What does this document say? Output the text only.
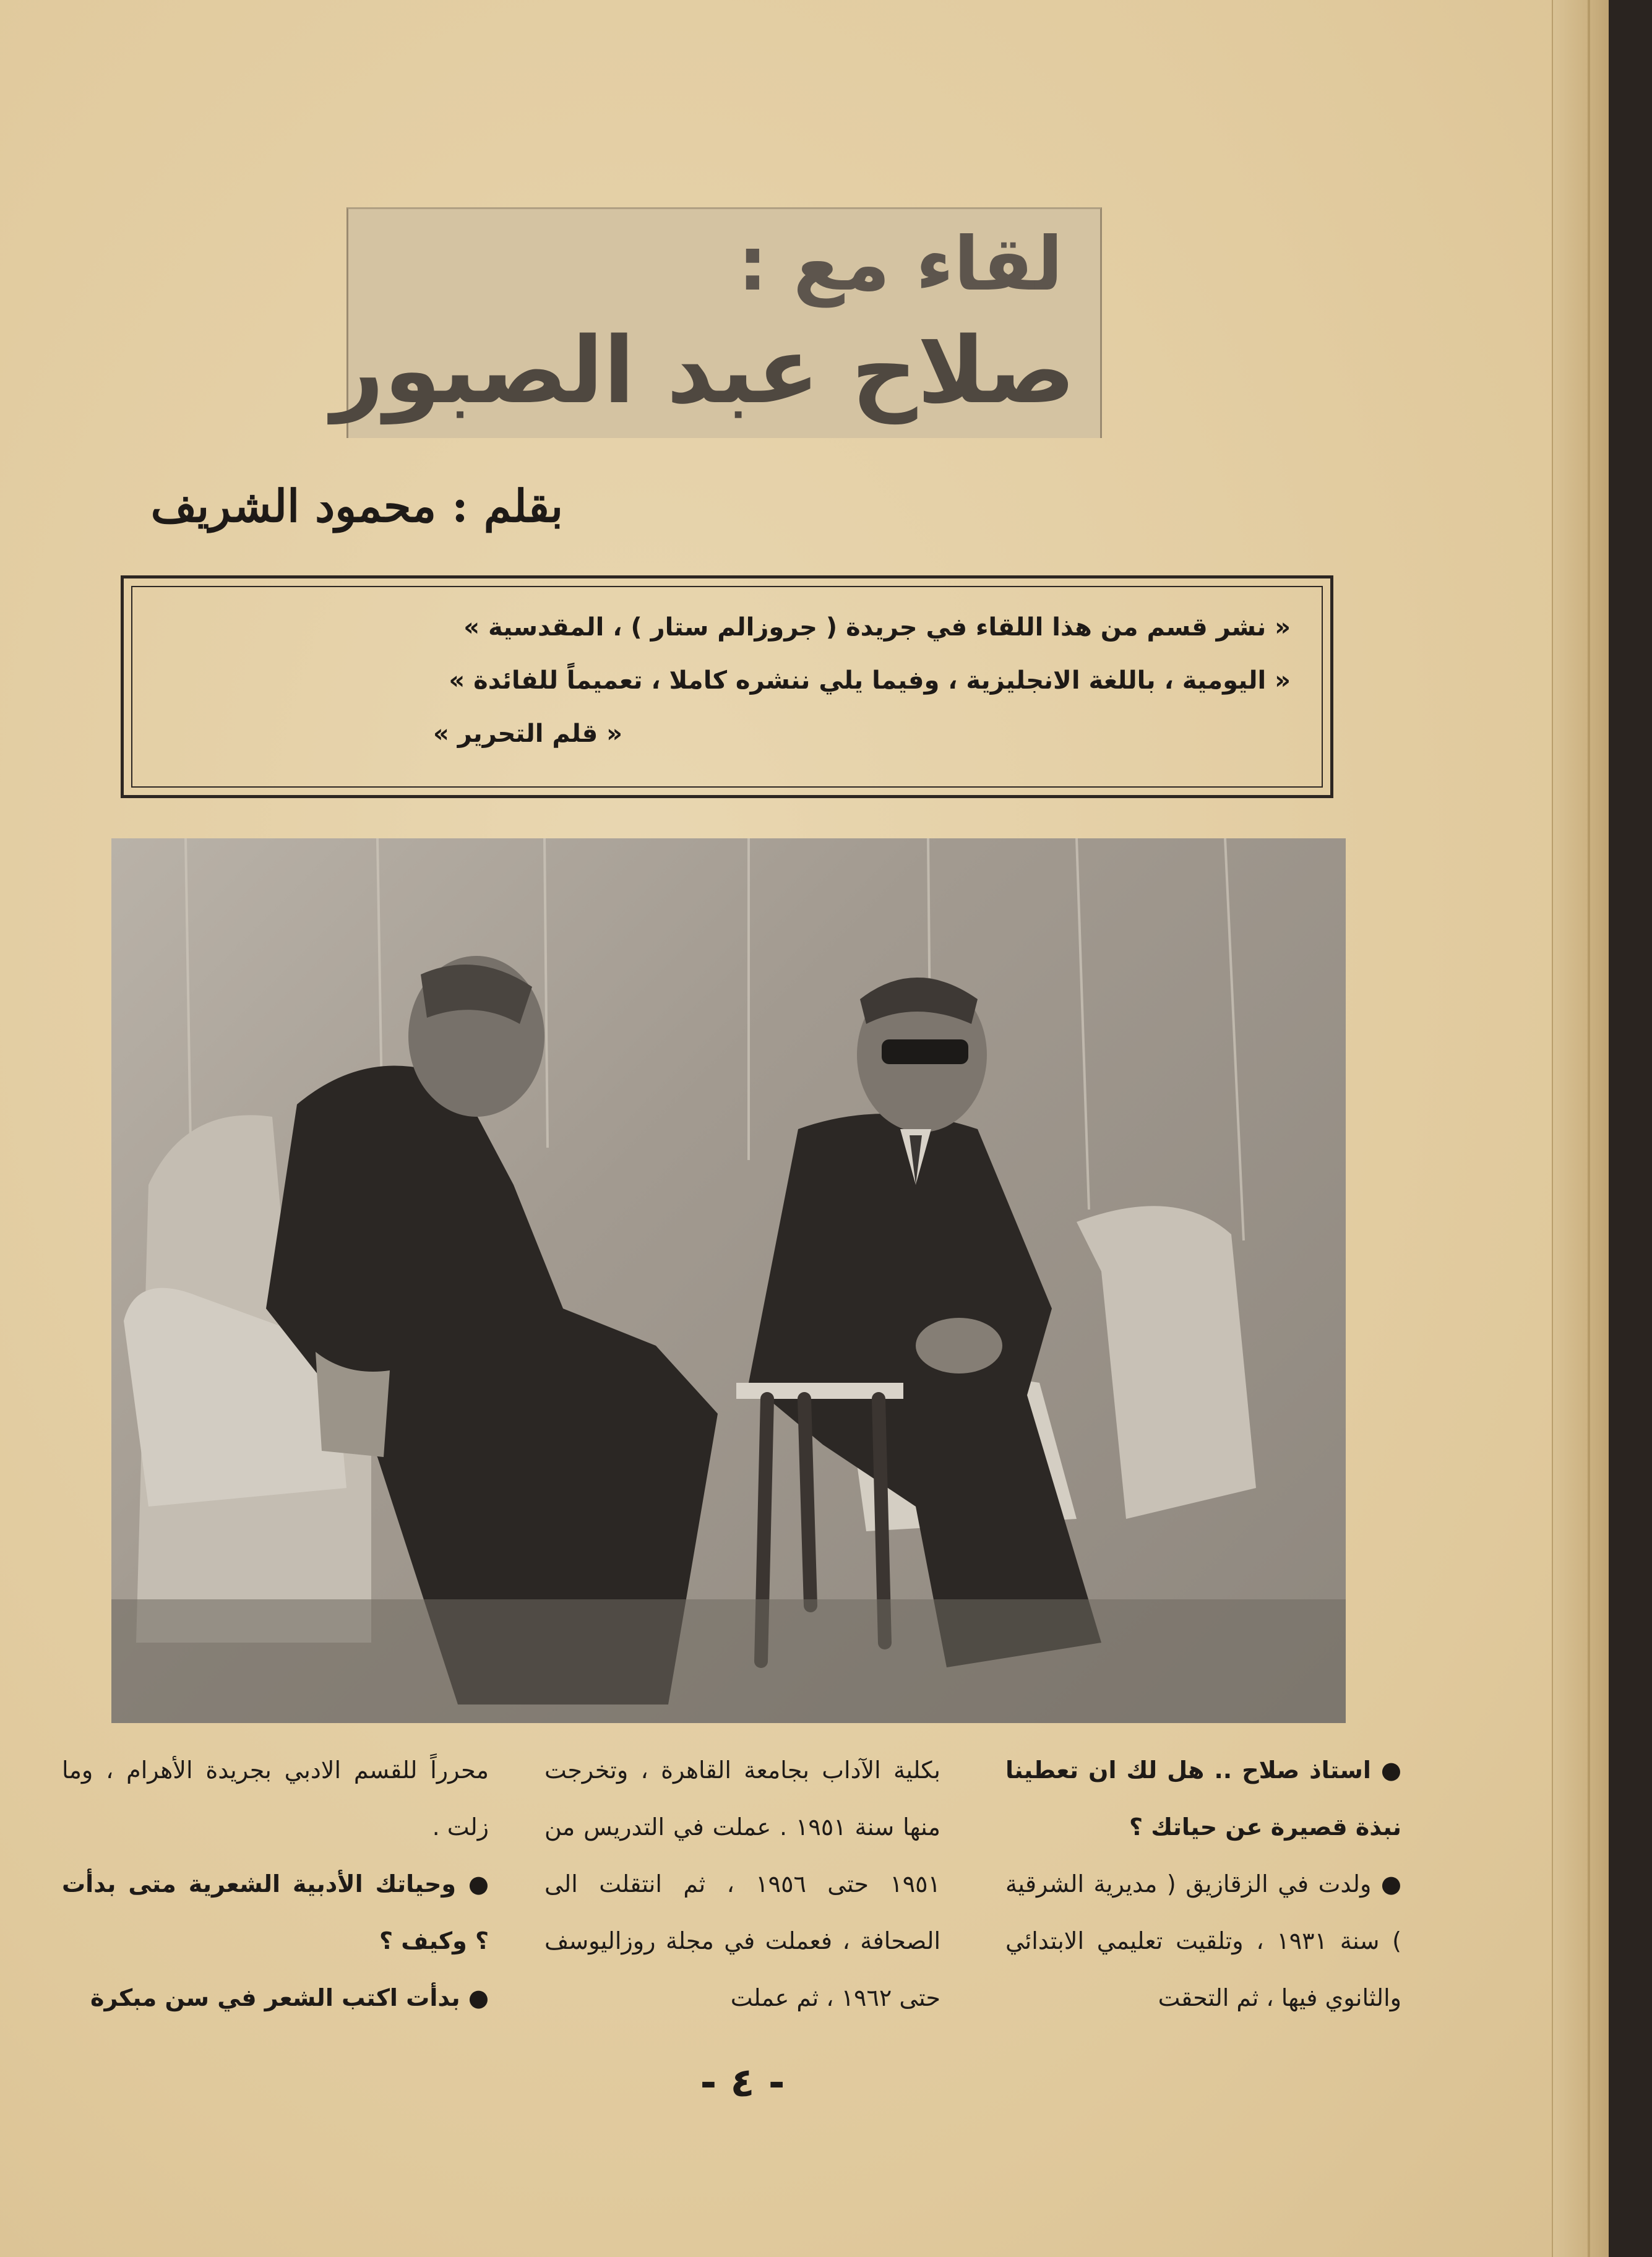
لقاء مع :
صلاح عبد الصبور
بقلم : محمود الشريف
« نشر قسم من هذا اللقاء في جريدة ( جروزالم ستار ) ، المقدسية »
« اليومية ، باللغة الانجليزية ، وفيما يلي ننشره كاملا ، تعميماً للفائدة »
« قلم التحرير »

● استاذ صلاح .. هل لك ان تعطينا نبذة قصيرة عن حياتك ؟

● ولدت في الزقازيق ( مديرية الشرقية ) سنة ١٩٣١ ، وتلقيت تعليمي الابتدائي والثانوي فيها ، ثم التحقت

بكلية الآداب بجامعة القاهرة ، وتخرجت منها سنة ١٩٥١ . عملت في التدريس من ١٩٥١ حتى ١٩٥٦ ، ثم انتقلت الى الصحافة ، فعملت في مجلة روزاليوسف حتى ١٩٦٢ ، ثم عملت

محرراً للقسم الادبي بجريدة الأهرام ، وما زلت .

● وحياتك الأدبية الشعرية متى بدأت ؟ وكيف ؟

● بدأت اكتب الشعر في سن مبكرة

- ٤ -
